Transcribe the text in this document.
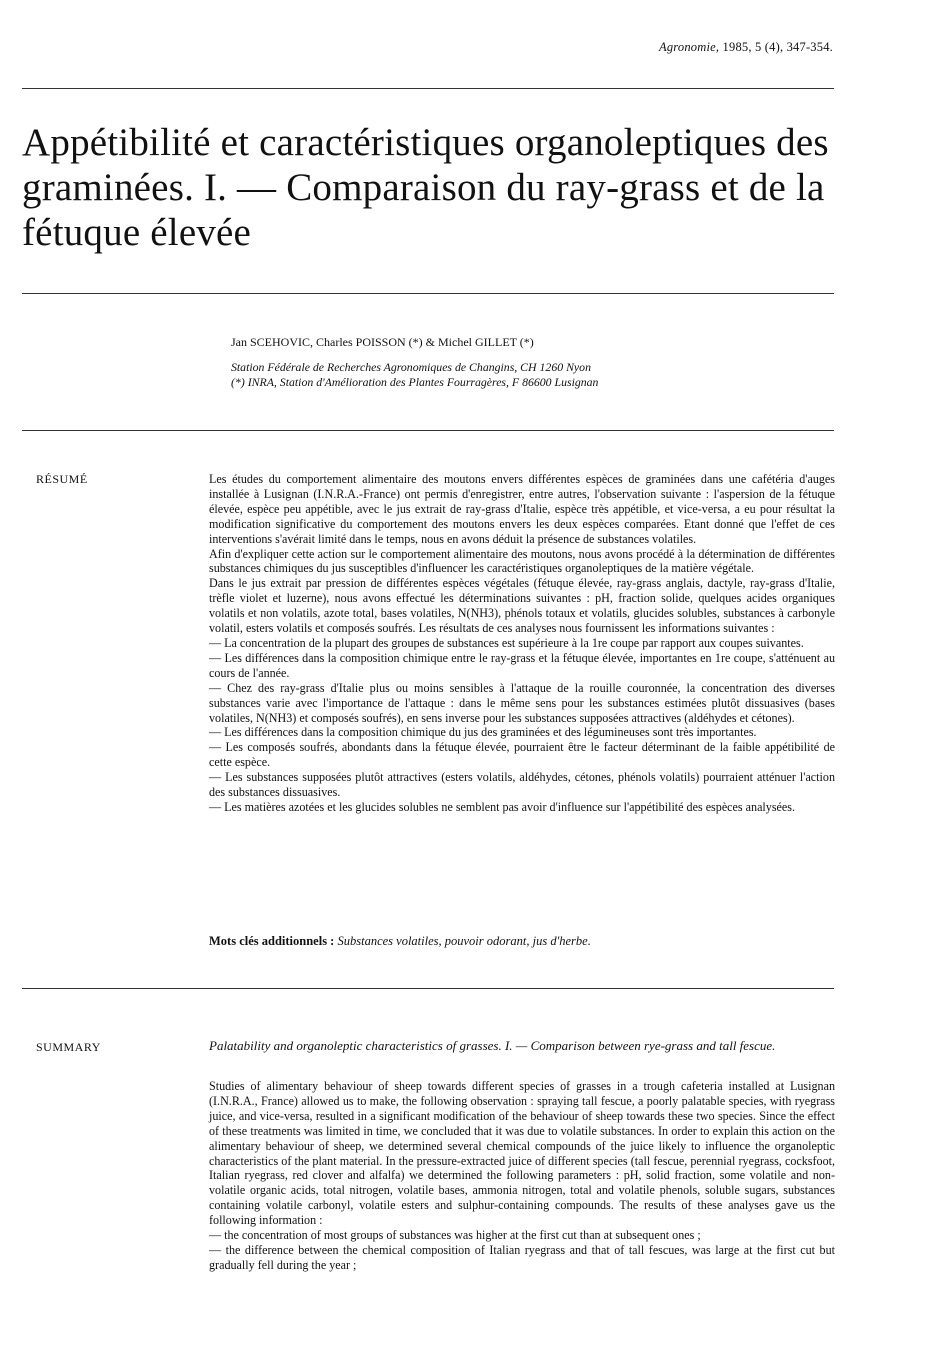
Agronomie, 1985, 5 (4), 347-354.
Appétibilité et caractéristiques organoleptiques des graminées. I. — Comparaison du ray-grass et de la fétuque élevée
Jan SCEHOVIC, Charles POISSON (*) & Michel GILLET (*)
Station Fédérale de Recherches Agronomiques de Changins, CH 1260 Nyon
(*) INRA, Station d'Amélioration des Plantes Fourragères, F 86600 Lusignan
RÉSUMÉ	Les études du comportement alimentaire des moutons envers différentes espèces de graminées dans une cafétéria d'auges installée à Lusignan (I.N.R.A.-France) ont permis d'enregistrer, entre autres, l'observation suivante : l'aspersion de la fétuque élevée, espèce peu appétible, avec le jus extrait de ray-grass d'Italie, espèce très appétible, et vice-versa, a eu pour résultat la modification significative du comportement des moutons envers les deux espèces comparées. Etant donné que l'effet de ces interventions s'avérait limité dans le temps, nous en avons déduit la présence de substances volatiles.

Afin d'expliquer cette action sur le comportement alimentaire des moutons, nous avons procédé à la détermination de différentes substances chimiques du jus susceptibles d'influencer les caractéristiques organoleptiques de la matière végétale.

Dans le jus extrait par pression de différentes espèces végétales (fétuque élevée, ray-grass anglais, dactyle, ray-grass d'Italie, trèfle violet et luzerne), nous avons effectué les déterminations suivantes : pH, fraction solide, quelques acides organiques volatils et non volatils, azote total, bases volatiles, N(NH3), phénols totaux et volatils, glucides solubles, substances à carbonyle volatil, esters volatils et composés soufrés. Les résultats de ces analyses nous fournissent les informations suivantes :

— La concentration de la plupart des groupes de substances est supérieure à la 1re coupe par rapport aux coupes suivantes.

— Les différences dans la composition chimique entre le ray-grass et la fétuque élevée, importantes en 1re coupe, s'atténuent au cours de l'année.

— Chez des ray-grass d'Italie plus ou moins sensibles à l'attaque de la rouille couronnée, la concentration des diverses substances varie avec l'importance de l'attaque : dans le même sens pour les substances estimées plutôt dissuasives (bases volatiles, N(NH3) et composés soufrés), en sens inverse pour les substances supposées attractives (aldéhydes et cétones).

— Les différences dans la composition chimique du jus des graminées et des légumineuses sont très importantes.

— Les composés soufrés, abondants dans la fétuque élevée, pourraient être le facteur déterminant de la faible appétibilité de cette espèce.

— Les substances supposées plutôt attractives (esters volatils, aldéhydes, cétones, phénols volatils) pourraient atténuer l'action des substances dissuasives.

— Les matières azotées et les glucides solubles ne semblent pas avoir d'influence sur l'appétibilité des espèces analysées.

Mots clés additionnels : Substances volatiles, pouvoir odorant, jus d'herbe.
SUMMARY	Palatability and organoleptic characteristics of grasses. I. — Comparison between rye-grass and tall fescue.

Studies of alimentary behaviour of sheep towards different species of grasses in a trough cafeteria installed at Lusignan (I.N.R.A., France) allowed us to make, the following observation : spraying tall fescue, a poorly palatable species, with ryegrass juice, and vice-versa, resulted in a significant modification of the behaviour of sheep towards these two species. Since the effect of these treatments was limited in time, we concluded that it was due to volatile substances. In order to explain this action on the alimentary behaviour of sheep, we determined several chemical compounds of the juice likely to influence the organoleptic characteristics of the plant material. In the pressure-extracted juice of different species (tall fescue, perennial ryegrass, cocksfoot, Italian ryegrass, red clover and alfalfa) we determined the following parameters : pH, solid fraction, some volatile and non-volatile organic acids, total nitrogen, volatile bases, ammonia nitrogen, total and volatile phenols, soluble sugars, substances containing volatile carbonyl, volatile esters and sulphur-containing compounds. The results of these analyses gave us the following information :

— the concentration of most groups of substances was higher at the first cut than at subsequent ones ;

— the difference between the chemical composition of Italian ryegrass and that of tall fescues, was large at the first cut but gradually fell during the year ;
